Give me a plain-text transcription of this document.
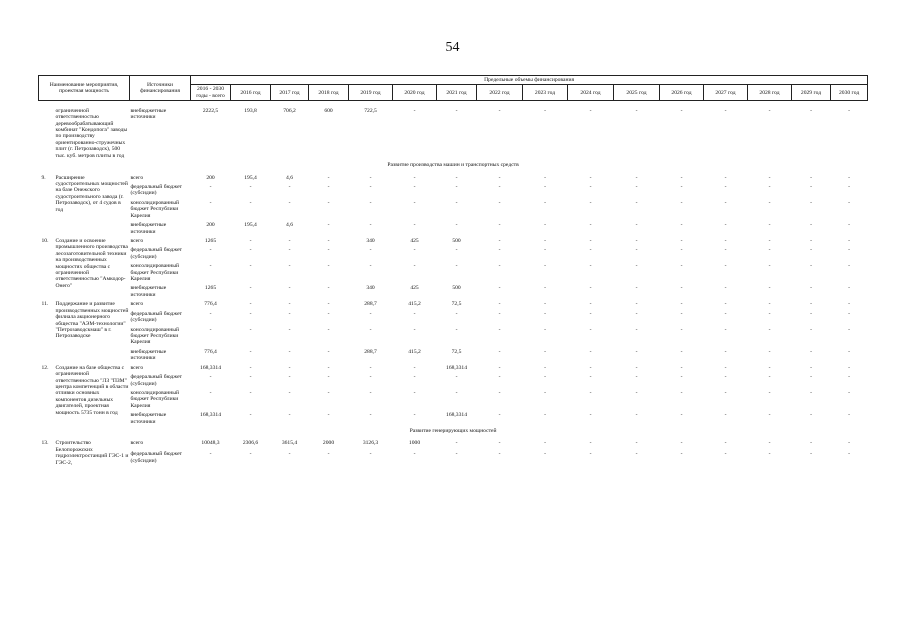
54
Наименование мероприятия, проектная мощность		Источники финансирования	Предельные объемы финансирования															
			2016 - 2030 годы - всего	2016 год	2017 год	2018 год	2019 год	2020 год	2021 год	2022 год	2023 год	2024 год	2025 год	2026 год	2027 год	2028 год	2029 год	2030 год

	ограниченной ответственностью деревообрабатывающий комбинат "Кондопога" заводы по производству ориентированно-стружечных плит (г. Петрозаводск), 500 тыс. куб. метров плиты в год	внебюджетные источники	2222,5	193,8	706,2	600	722,5	-	-	-	-	-	-	-	-	-	-	-
Развитие производства машин и транспортных средств																		
9.	Расширение судостроительных мощностей на базе Онежского судостроительного завода (г. Петрозаводск), от 4 судов в год	всего	200	195,4	4,6	-	-	-	-	-	-	-	-	-	-	-	-	-
		федеральный бюджет (субсидии)	-	-	-	-	-	-	-	-	-	-	-	-	-	-	-	-
		консолидированный бюджет Республики Карелия	-	-	-	-	-	-	-	-	-	-	-	-	-	-	-	-
		внебюджетные источники	200	195,4	4,6	-	-	-	-	-	-	-	-	-	-	-	-	-
10.	Создание и освоение промышленного производства лесозаготовительной техники на производственных мощностях общества с ограниченной ответственностью "Амкодор-Онего"	всего	1265	-	-	-	340	425	500	-	-	-	-	-	-	-	-	-
		федеральный бюджет (субсидии)	-	-	-	-	-	-	-	-	-	-	-	-	-	-	-	-
		консолидированный бюджет Республики Карелия	-	-	-	-	-	-	-	-	-	-	-	-	-	-	-	-
		внебюджетные источники	1265	-	-	-	340	425	500	-	-	-	-	-	-	-	-	-
11.	Поддержание и развитие производственных мощностей филиала акционерного общества "АЭМ-технологии" "Петрозаводскмаш" в г. Петрозаводске	всего	776,4	-	-	-	288,7	415,2	72,5	-	-	-	-	-	-	-	-	-
		федеральный бюджет (субсидии)	-	-	-	-	-	-	-	-	-	-	-	-	-	-	-	-
		консолидированный бюджет Республики Карелия	-	-	-	-	-	-	-	-	-	-	-	-	-	-	-	-
		внебюджетные источники	776,4	-	-	-	288,7	415,2	72,5	-	-	-	-	-	-	-	-	-
12.	Создание на базе общества с ограниченной ответственностью "ЛЗ "ПЗМ" центра компетенций в области отливки основных компонентов дизельных двигателей, проектная мощность 5735 тонн в год	всего	168,3314	-	-	-	-	-	168,3314	-	-	-	-	-	-	-	-	-
		федеральный бюджет (субсидии)	-	-	-	-	-	-	-	-	-	-	-	-	-	-	-	-
		консолидированный бюджет Республики Карелия	-	-	-	-	-	-	-	-	-	-	-	-	-	-	-	-
		внебюджетные источники	168,3314	-	-	-	-	-	168,3314	-	-	-	-	-	-	-	-	-
Развитие генерирующих мощностей																		
13.	Строительство Белопорожских гидроэлектростанций ГЭС-1 и ГЭС-2,	всего	10048,3	2306,6	3615,4	2000	3126,3	1000	-	-	-	-	-	-	-	-	-	-
		федеральный бюджет (субсидии)	-	-	-	-	-	-	-	-	-	-	-	-	-	-	-	-
